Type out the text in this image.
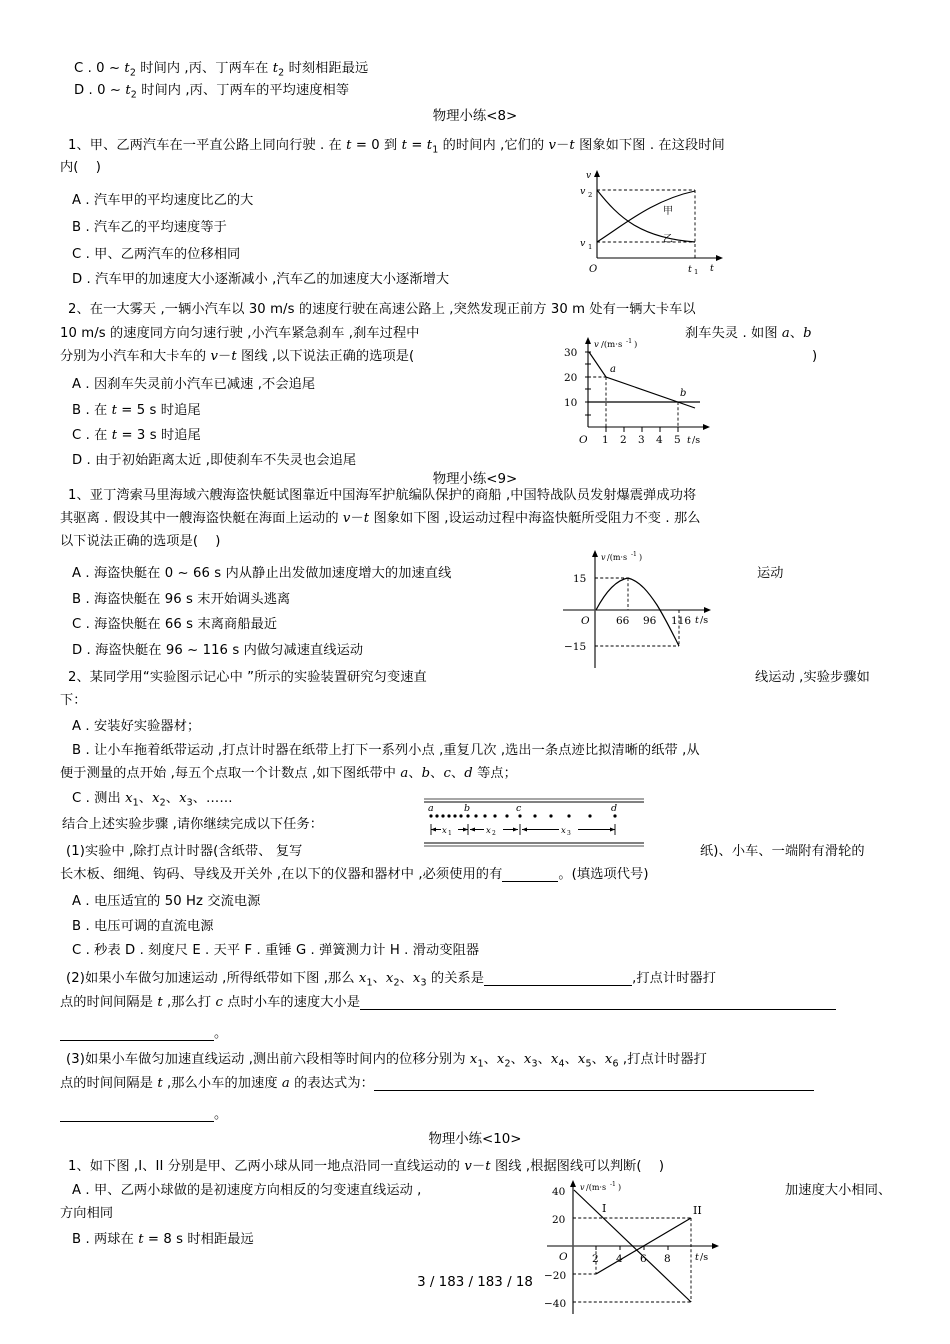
C . 0 ~ $t_2$ 时间内 ,丙、丁两车在 $t_2$ 时刻相距最远
D . 0 ~ $t_2$ 时间内 ,丙、丁两车的平均速度相等
物理小练<8>
1、甲、乙两汽车在一平直公路上同向行驶 . 在 t = 0 到 $t = t_1$ 的时间内 ,它们的 v－t 图象如下图 . 在这段时间
内(    )
A . 汽车甲的平均速度比乙的大
B . 汽车乙的平均速度等于
C . 甲、乙两汽车的位移相同
D . 汽车甲的加速度大小逐渐减小 ,汽车乙的加速度大小逐渐增大
v
v 2
v 1
O	t 1 t
甲
乙
2、在一大雾天 ,一辆小汽车以 30 m/s 的速度行驶在高速公路上 ,突然发现正前方 30 m 处有一辆大卡车以
10 m/s 的速度同方向匀速行驶 ,小汽车紧急刹车 ,刹车过程中	刹车失灵 . 如图 a、b
分别为小汽车和大卡车的 v－t 图线 ,以下说法正确的选项是(	)
A . 因刹车失灵前小汽车已减速 ,不会追尾
B . 在 t = 5 s 时追尾
C . 在 t = 3 s 时追尾
D . 由于初始距离太近 ,即使刹车不失灵也会追尾
v /(m·s -1 )
30
20
10
O 1 2 3 4 5 t /s
a
b
物理小练<9>
1、亚丁湾索马里海域六艘海盗快艇试图靠近中国海军护航编队保护的商船 ,中国特战队员发射爆震弹成功将
其驱离 . 假设其中一艘海盗快艇在海面上运动的 v－t 图象如下图 ,设运动过程中海盗快艇所受阻力不变 . 那么
以下说法正确的选项是(    )
A . 海盗快艇在 0 ~ 66 s 内从静止出发做加速度增大的加速直线	运动
B . 海盗快艇在 96 s 末开始调头逃离
C . 海盗快艇在 66 s 末离商船最近
D . 海盗快艇在 96 ~ 116 s 内做匀减速直线运动
v /(m·s -1 )
15
−15
O	66 96 116 t /s
2、某同学用“实验图示记心中 ”所示的实验装置研究匀变速直	线运动 ,实验步骤如
下：
A . 安装好实验器材；
B . 让小车拖着纸带运动 ,打点计时器在纸带上打下一系列小点 ,重复几次 ,选出一条点迹比拟清晰的纸带 ,从
便于测量的点开始 ,每五个点取一个计数点 ,如下图纸带中 a、b、c、d 等点；
C . 测出 $x_1$、$x_2$、$x_3$、……
结合上述实验步骤 ,请你继续完成以下任务：
a	b	c	d
x 1	x 2	x 3
(1)实验中 ,除打点计时器(含纸带、 复写	纸)、小车、一端附有滑轮的
长木板、细绳、钩码、导线及开关外 ,在以下的仪器和器材中 ,必须使用的有	。(填选项代号)
A . 电压适宜的 50 Hz 交流电源
B . 电压可调的直流电源
C . 秒表 D . 刻度尺 E . 天平 F . 重锤 G . 弹簧测力计 H . 滑动变阻器
(2)如果小车做匀加速运动 ,所得纸带如下图 ,那么 $x_1$、$x_2$、$x_3$ 的关系是	,打点计时器打
点的时间间隔是 t ,那么打 c 点时小车的速度大小是
。
(3)如果小车做匀加速直线运动 ,测出前六段相等时间内的位移分别为 $x_1$、$x_2$、$x_3$、$x_4$、$x_5$、$x_6$ ,打点计时器打
点的时间间隔是 t ,那么小车的加速度 a 的表达式为：
。
物理小练<10>
1、如下图 ,I、II 分别是甲、乙两小球从同一地点沿同一直线运动的 v－t 图线 ,根据图线可以判断(    )
A . 甲、乙两小球做的是初速度方向相反的匀变速直线运动 ,	加速度大小相同、
方向相同
B . 两球在 t = 8 s 时相距最远
v /(m·s -1 )
40
20
−20
−40
O 2 4 6 8	t /s
I	II
3 / 183 / 183 / 18
